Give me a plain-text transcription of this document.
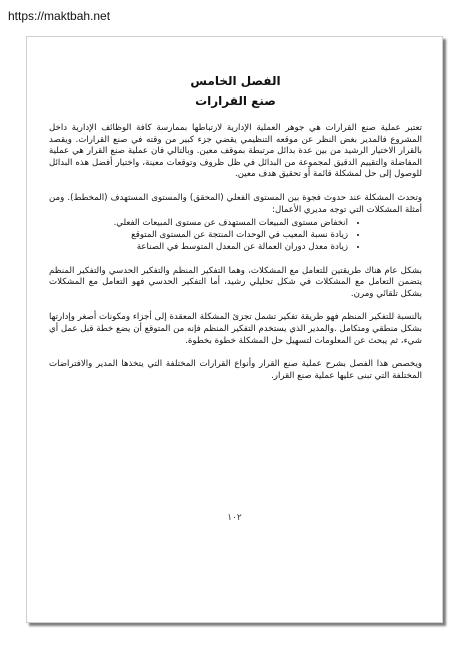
https://maktbah.net
الفصل الخامس
صنع القرارات

تعتبر عملية صنع القرارات هي جوهر العملية الإدارية لارتباطها بممارسة كافة الوظائف الإدارية داخل المشروع فالمدير بغض النظر عن موقعه التنظيمي يقضي جزء كبير من وقته في صنع القرارات. ويقصد بالقرار الاختيار الرشيد من بين عدة بدائل مرتبطة بموقف معين. وبالتالي فان عملية صنع القرار هي عملية المفاضلة والتقييم الدقيق لمجموعة من البدائل في ظل ظروف وتوقعات معينة، واختيار أفضل هذه البدائل للوصول إلى حل لمشكلة قائمة أو تحقيق هدف معين.

وتحدث المشكلة عند حدوث فجوة بين المستوى الفعلي (المحقق) والمستوى المستهدف (المخطط). ومن أمثلة المشكلات التي توجه مديري الأعمال:

• انخفاض مستوى المبيعات المستهدف عن مستوى المبيعات الفعلي.
• زيادة نسبة المعيب في الوحدات المنتجة عن المستوى المتوقع
• زيادة معدل دوران العمالة عن المعدل المتوسط في الصناعة

بشكل عام هناك طريقتين للتعامل مع المشكلات، وهما التفكير المنظم والتفكير الحدسي والتفكير المنظم يتضمن التعامل مع المشكلات في شكل تحليلي رشيد، أما التفكير الحدسي فهو التعامل مع المشكلات بشكل تلقائي ومرن.

بالنسبة للتفكير المنظم فهو طريقة تفكير تشمل تجزئ المشكلة المعقدة إلى أجزاء ومكونات أصغر وإدارتها بشكل منطقي ومتكامل .والمدير الذي يستخدم التفكير المنظم فإنه من المتوقع أن يضع خطة قبل عمل أي شيء، ثم يبحث عن المعلومات لتسهيل حل المشكلة خطوة بخطوة.

ويخصص هذا الفصل بشرح عملية صنع القرار وأنواع القرارات المختلفة التي يتخذها المدير والافتراضات المختلفة التي تبنى عليها عملية صنع القرار.

١٠٢
